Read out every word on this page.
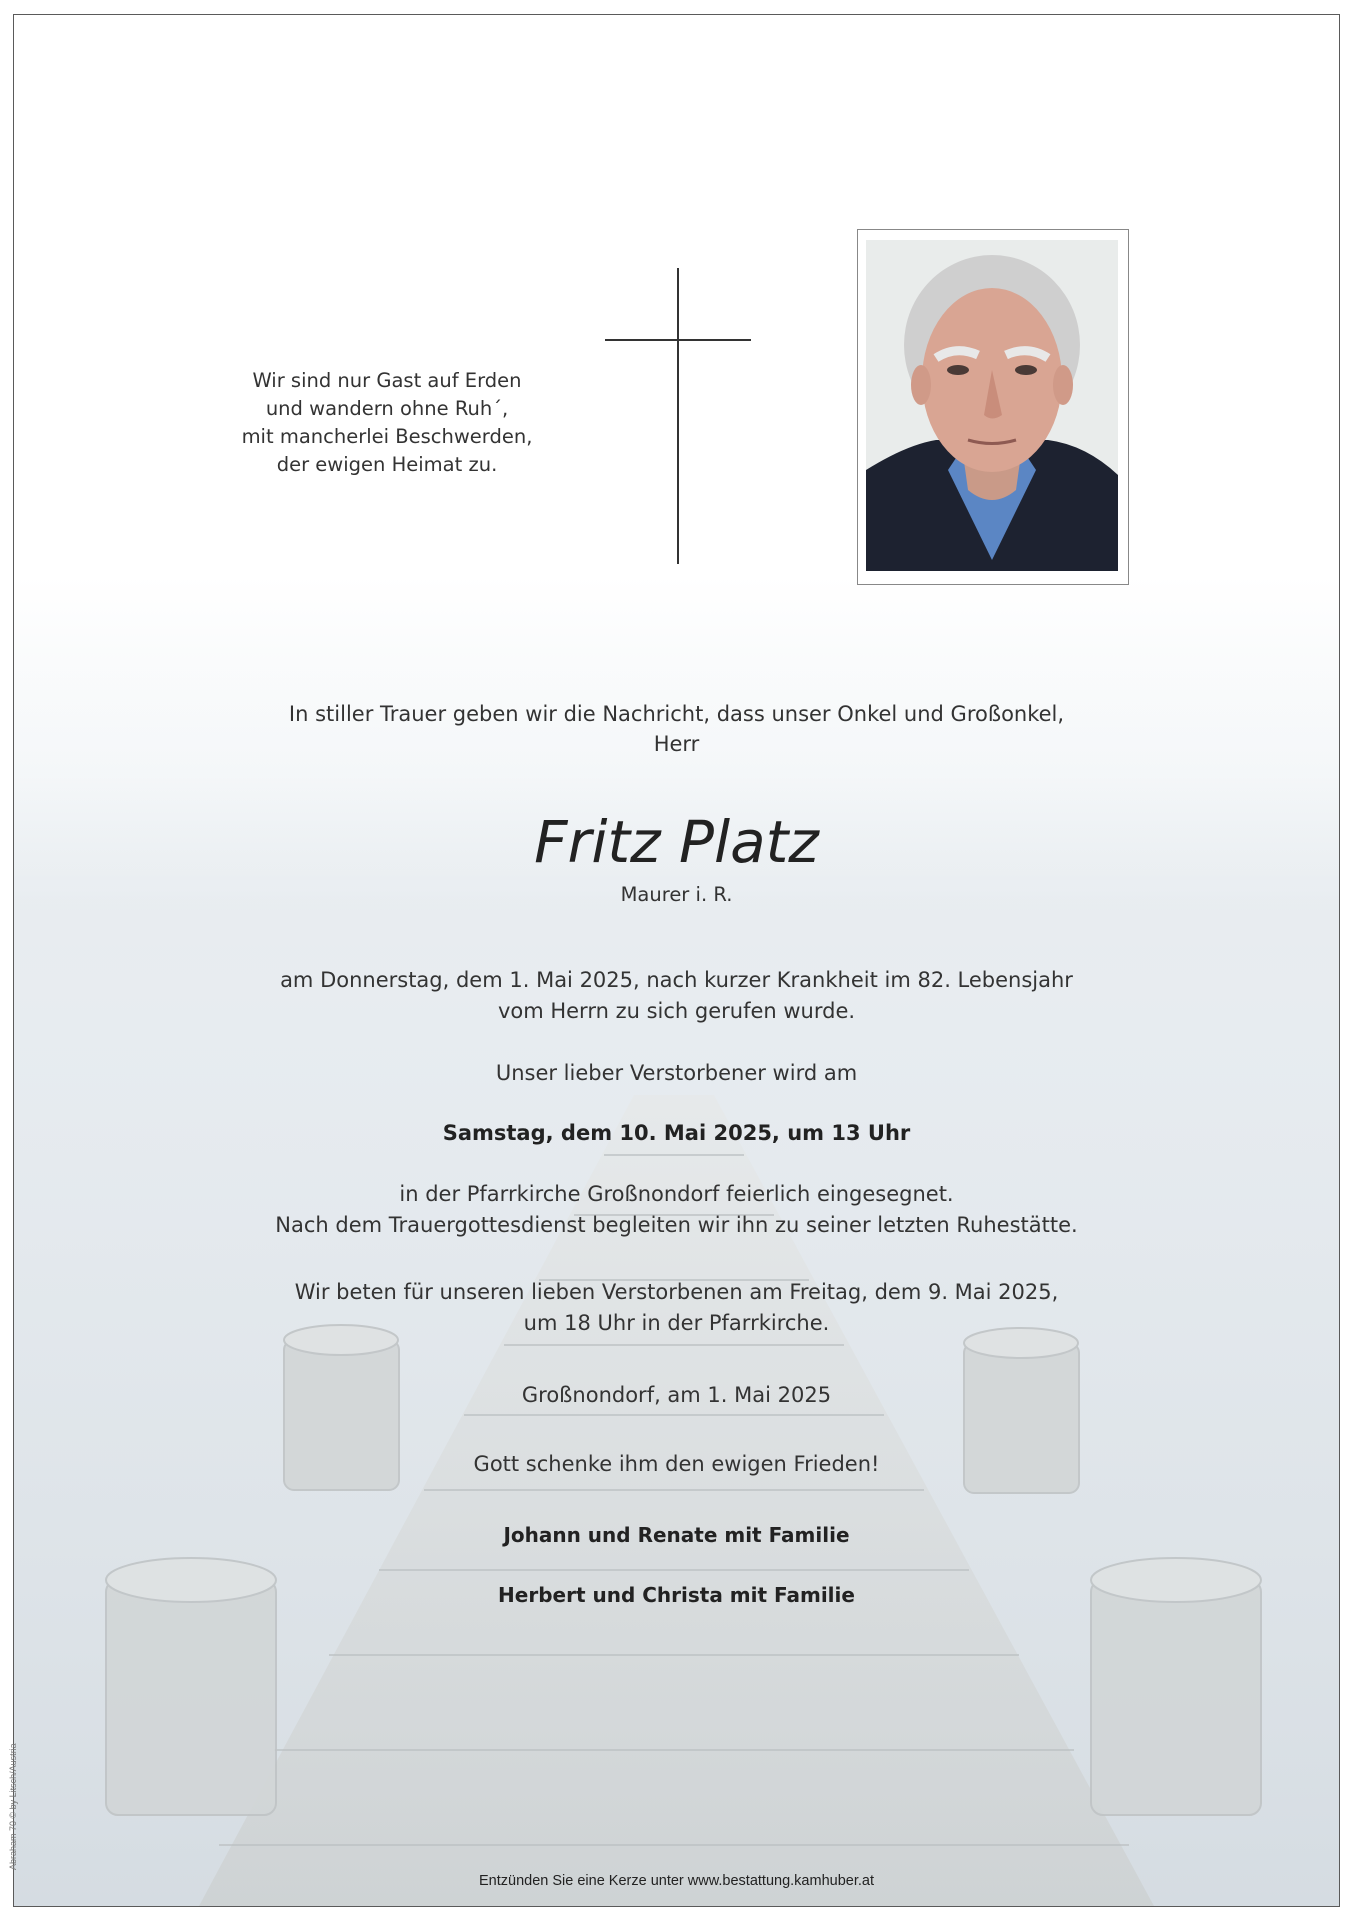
Wir sind nur Gast auf Erden
und wandern ohne Ruh´,
mit mancherlei Beschwerden,
der ewigen Heimat zu.
In stiller Trauer geben wir die Nachricht, dass unser Onkel und Großonkel,
Herr
Fritz Platz
Maurer i. R.
am Donnerstag, dem 1. Mai 2025, nach kurzer Krankheit im 82. Lebensjahr
vom Herrn zu sich gerufen wurde.
Unser lieber Verstorbener wird am
Samstag, dem 10. Mai 2025, um 13 Uhr
in der Pfarrkirche Großnondorf feierlich eingesegnet.
Nach dem Trauergottesdienst begleiten wir ihn zu seiner letzten Ruhestätte.
Wir beten für unseren lieben Verstorbenen am Freitag, dem 9. Mai 2025,
um 18 Uhr in der Pfarrkirche.
Großnondorf, am 1. Mai 2025
Gott schenke ihm den ewigen Frieden!
Johann und Renate mit Familie
Herbert und Christa mit Familie
Entzünden Sie eine Kerze unter www.bestattung.kamhuber.at
Abraham 70 © by Litsch/Austria
